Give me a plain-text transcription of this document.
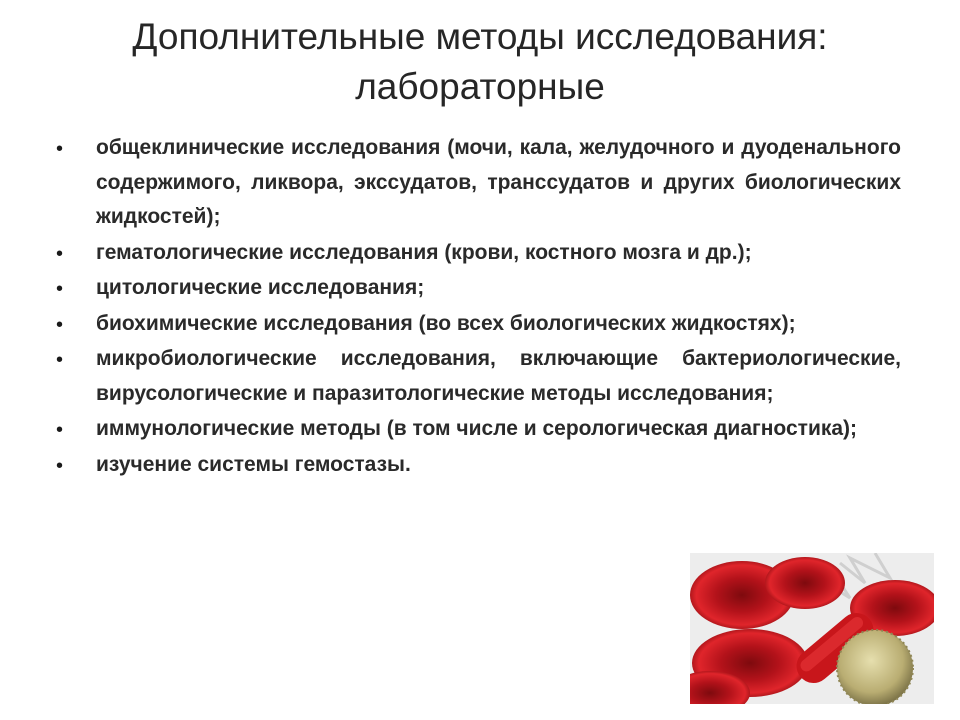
Дополнительные методы исследования:
лабораторные
• общеклинические исследования (мочи, кала, желудочного и дуоденального содержимого, ликвора, экссудатов, транссудатов и других биологических жидкостей);
• гематологические исследования (крови, костного мозга и др.);
• цитологические исследования;
• биохимические исследования (во всех биологических жидкостях);
• микробиологические исследования, включающие бактериологические, вирусологические и паразитологические методы исследования;
• иммунологические методы (в том числе и серологическая диагностика);
• изучение системы гемостазы.
